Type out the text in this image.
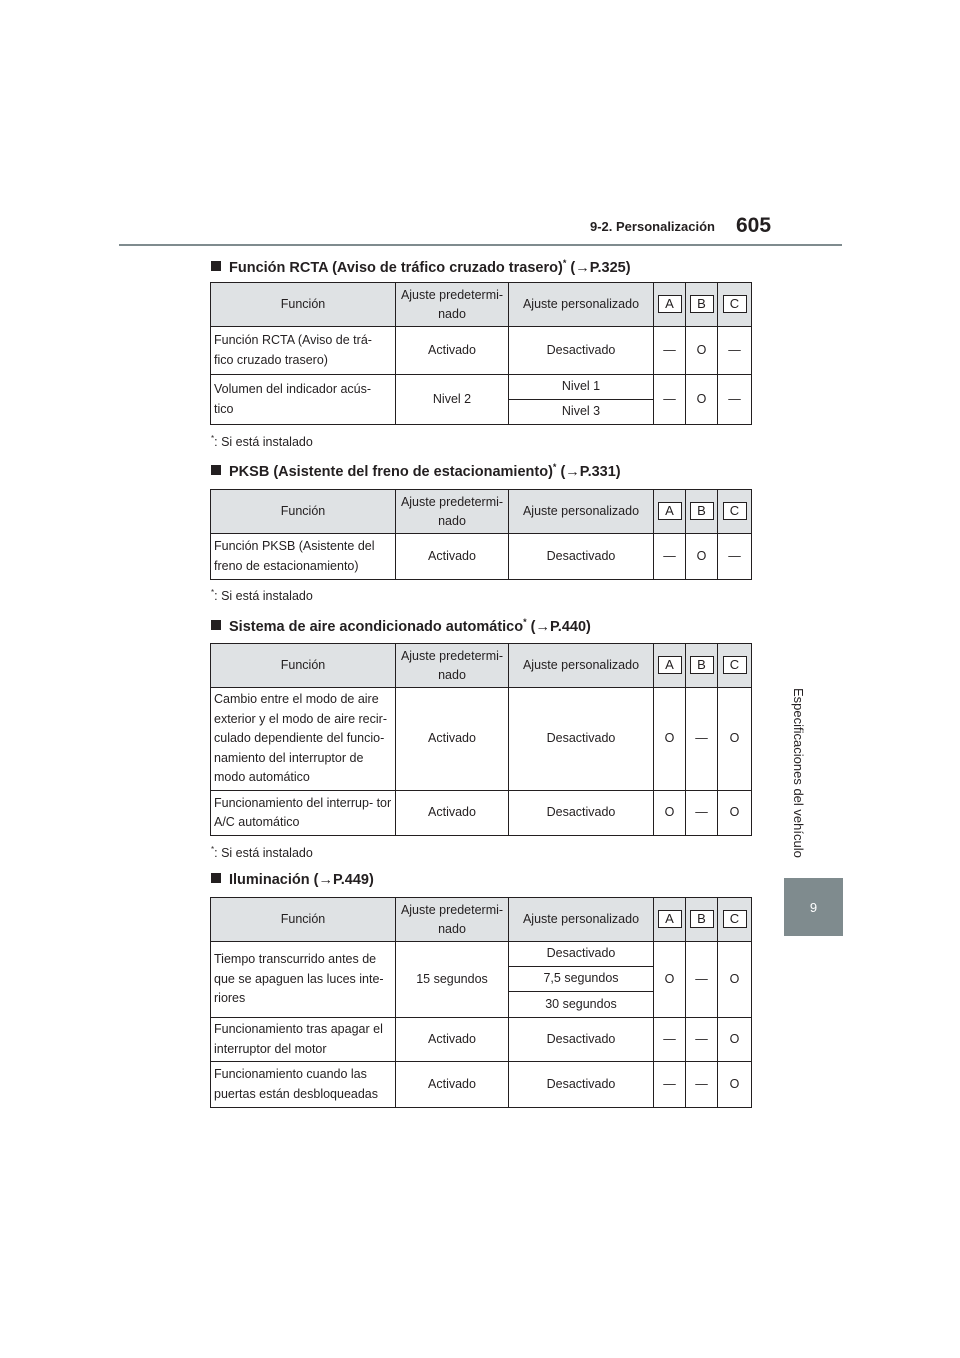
9-2. Personalización 605
Especificaciones del vehículo
9
Función RCTA (Aviso de tráfico cruzado trasero)* (→P.325)
Función	Ajuste predetermi- nado	Ajuste personalizado	A	B	C
Función RCTA (Aviso de trá- fico cruzado trasero)	Activado	Desactivado	—	O	—
Volumen del indicador acús- tico	Nivel 2	Nivel 1	—	O	—
		Nivel 3			
*: Si está instalado
PKSB (Asistente del freno de estacionamiento)* (→P.331)
Función	Ajuste predetermi- nado	Ajuste personalizado	A	B	C
Función PKSB (Asistente del freno de estacionamiento)	Activado	Desactivado	—	O	—
*: Si está instalado
Sistema de aire acondicionado automático* (→P.440)
Función	Ajuste predetermi- nado	Ajuste personalizado	A	B	C
Cambio entre el modo de aire exterior y el modo de aire recir- culado dependiente del funcio- namiento del interruptor de modo automático	Activado	Desactivado	O	—	O
Funcionamiento del interrup- tor A/C automático	Activado	Desactivado	O	—	O
*: Si está instalado
Iluminación (→P.449)
Función	Ajuste predetermi- nado	Ajuste personalizado	A	B	C
Tiempo transcurrido antes de que se apaguen las luces inte- riores	15 segundos	Desactivado	O	—	O
		7,5 segundos			
		30 segundos			
Funcionamiento tras apagar el interruptor del motor	Activado	Desactivado	—	—	O
Funcionamiento cuando las puertas están desbloqueadas	Activado	Desactivado	—	—	O
